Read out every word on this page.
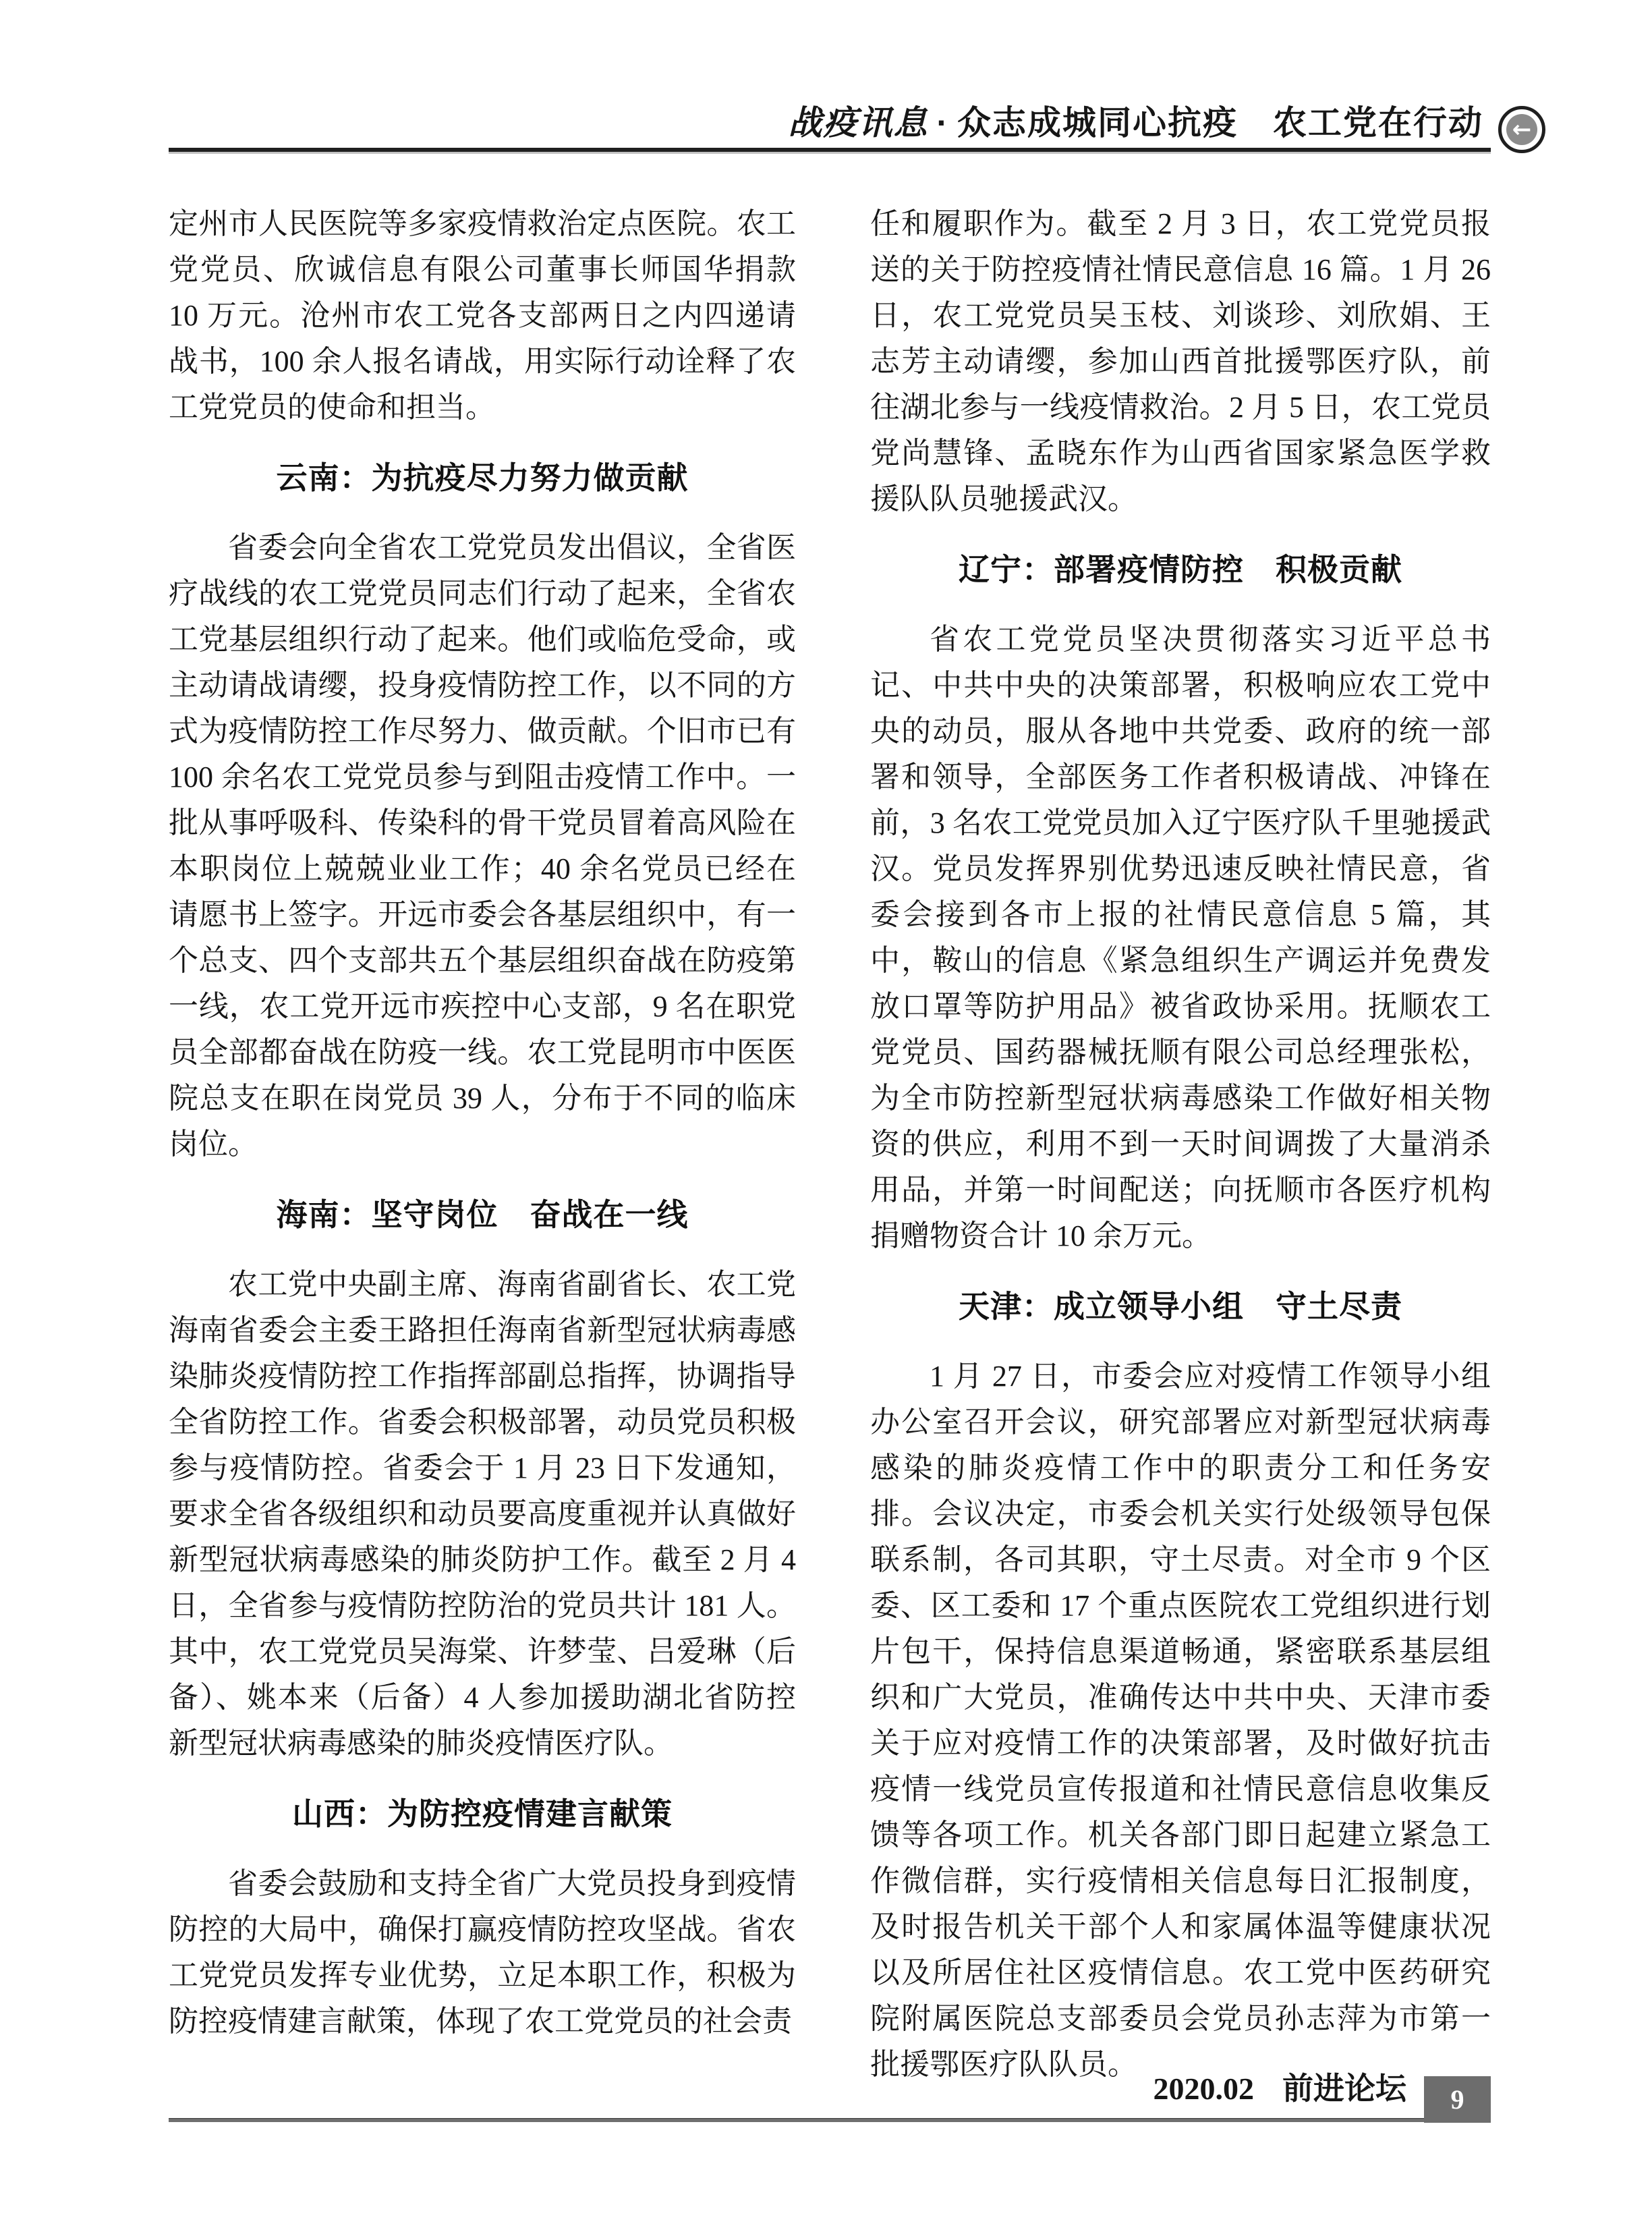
战疫讯息 · 众志成城同心抗疫　农工党在行动 ←

定州市人民医院等多家疫情救治定点医院。农工党党员、欣诚信息有限公司董事长师国华捐款 10 万元。沧州市农工党各支部两日之内四递请战书，100 余人报名请战，用实际行动诠释了农工党党员的使命和担当。

云南：为抗疫尽力努力做贡献

省委会向全省农工党党员发出倡议，全省医疗战线的农工党党员同志们行动了起来，全省农工党基层组织行动了起来。他们或临危受命，或主动请战请缨，投身疫情防控工作，以不同的方式为疫情防控工作尽努力、做贡献。个旧市已有 100 余名农工党党员参与到阻击疫情工作中。一批从事呼吸科、传染科的骨干党员冒着高风险在本职岗位上兢兢业业工作；40 余名党员已经在请愿书上签字。开远市委会各基层组织中，有一个总支、四个支部共五个基层组织奋战在防疫第一线，农工党开远市疾控中心支部，9 名在职党员全部都奋战在防疫一线。农工党昆明市中医医院总支在职在岗党员 39 人，分布于不同的临床岗位。

海南：坚守岗位　奋战在一线

农工党中央副主席、海南省副省长、农工党海南省委会主委王路担任海南省新型冠状病毒感染肺炎疫情防控工作指挥部副总指挥，协调指导全省防控工作。省委会积极部署，动员党员积极参与疫情防控。省委会于 1 月 23 日下发通知，要求全省各级组织和动员要高度重视并认真做好新型冠状病毒感染的肺炎防护工作。截至 2 月 4 日，全省参与疫情防控防治的党员共计 181 人。其中，农工党党员吴海棠、许梦莹、吕爱琳（后备）、姚本来（后备）4 人参加援助湖北省防控新型冠状病毒感染的肺炎疫情医疗队。

山西：为防控疫情建言献策

省委会鼓励和支持全省广大党员投身到疫情防控的大局中，确保打赢疫情防控攻坚战。省农工党党员发挥专业优势，立足本职工作，积极为防控疫情建言献策，体现了农工党党员的社会责

任和履职作为。截至 2 月 3 日，农工党党员报送的关于防控疫情社情民意信息 16 篇。1 月 26 日，农工党党员吴玉枝、刘谈珍、刘欣娟、王志芳主动请缨，参加山西首批援鄂医疗队，前往湖北参与一线疫情救治。2 月 5 日，农工党员党尚慧锋、孟晓东作为山西省国家紧急医学救援队队员驰援武汉。

辽宁：部署疫情防控　积极贡献

省农工党党员坚决贯彻落实习近平总书记、中共中央的决策部署，积极响应农工党中央的动员，服从各地中共党委、政府的统一部署和领导，全部医务工作者积极请战、冲锋在前，3 名农工党党员加入辽宁医疗队千里驰援武汉。党员发挥界别优势迅速反映社情民意，省委会接到各市上报的社情民意信息 5 篇，其中，鞍山的信息《紧急组织生产调运并免费发放口罩等防护用品》被省政协采用。抚顺农工党党员、国药器械抚顺有限公司总经理张松，为全市防控新型冠状病毒感染工作做好相关物资的供应，利用不到一天时间调拨了大量消杀用品，并第一时间配送；向抚顺市各医疗机构捐赠物资合计 10 余万元。

天津：成立领导小组　守土尽责

1 月 27 日，市委会应对疫情工作领导小组办公室召开会议，研究部署应对新型冠状病毒感染的肺炎疫情工作中的职责分工和任务安排。会议决定，市委会机关实行处级领导包保联系制，各司其职，守土尽责。对全市 9 个区委、区工委和 17 个重点医院农工党组织进行划片包干，保持信息渠道畅通，紧密联系基层组织和广大党员，准确传达中共中央、天津市委关于应对疫情工作的决策部署，及时做好抗击疫情一线党员宣传报道和社情民意信息收集反馈等各项工作。机关各部门即日起建立紧急工作微信群，实行疫情相关信息每日汇报制度，及时报告机关干部个人和家属体温等健康状况以及所居住社区疫情信息。农工党中医药研究院附属医院总支部委员会党员孙志萍为市第一批援鄂医疗队队员。

2020.02 前进论坛	9
